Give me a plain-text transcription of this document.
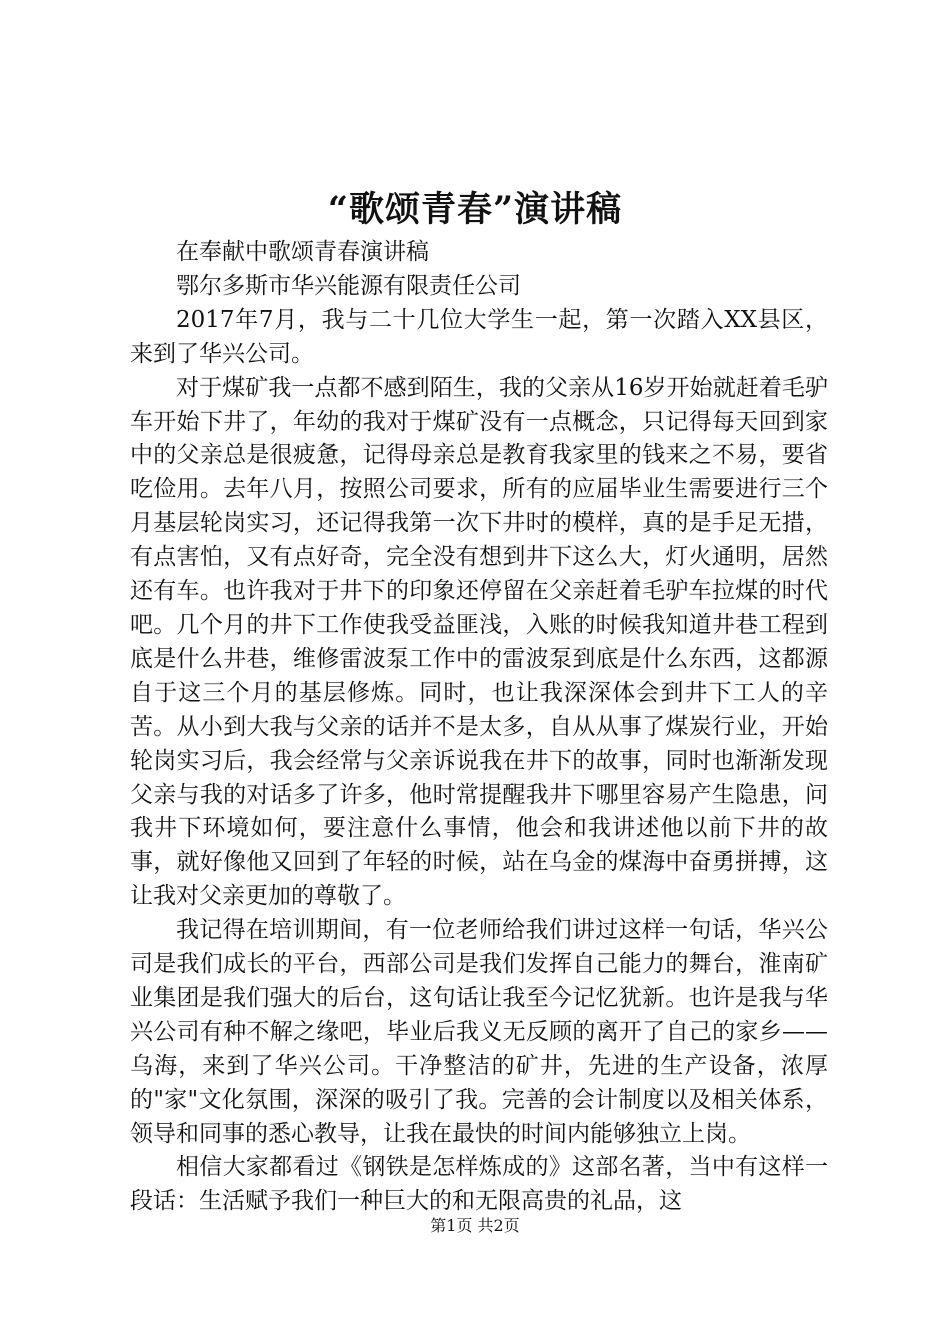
“歌颂青春”演讲稿

在奉献中歌颂青春演讲稿

鄂尔多斯市华兴能源有限责任公司

2017年7月，我与二十几位大学生一起，第一次踏入XX县区，来到了华兴公司。

对于煤矿我一点都不感到陌生，我的父亲从16岁开始就赶着毛驴车开始下井了，年幼的我对于煤矿没有一点概念，只记得每天回到家中的父亲总是很疲惫，记得母亲总是教育我家里的钱来之不易，要省吃俭用。去年八月，按照公司要求，所有的应届毕业生需要进行三个月基层轮岗实习，还记得我第一次下井时的模样，真的是手足无措，有点害怕，又有点好奇，完全没有想到井下这么大，灯火通明，居然还有车。也许我对于井下的印象还停留在父亲赶着毛驴车拉煤的时代吧。几个月的井下工作使我受益匪浅，入账的时候我知道井巷工程到底是什么井巷，维修雷波泵工作中的雷波泵到底是什么东西，这都源自于这三个月的基层修炼。同时，也让我深深体会到井下工人的辛苦。从小到大我与父亲的话并不是太多，自从从事了煤炭行业，开始轮岗实习后，我会经常与父亲诉说我在井下的故事，同时也渐渐发现父亲与我的对话多了许多，他时常提醒我井下哪里容易产生隐患，问我井下环境如何，要注意什么事情，他会和我讲述他以前下井的故事，就好像他又回到了年轻的时候，站在乌金的煤海中奋勇拼搏，这让我对父亲更加的尊敬了。

我记得在培训期间，有一位老师给我们讲过这样一句话，华兴公司是我们成长的平台，西部公司是我们发挥自己能力的舞台，淮南矿业集团是我们强大的后台，这句话让我至今记忆犹新。也许是我与华兴公司有种不解之缘吧，毕业后我义无反顾的离开了自己的家乡——乌海，来到了华兴公司。干净整洁的矿井，先进的生产设备，浓厚的"家"文化氛围，深深的吸引了我。完善的会计制度以及相关体系，领导和同事的悉心教导，让我在最快的时间内能够独立上岗。

相信大家都看过《钢铁是怎样炼成的》这部名著，当中有这样一段话：生活赋予我们一种巨大的和无限高贵的礼品，这

第1页 共2页
